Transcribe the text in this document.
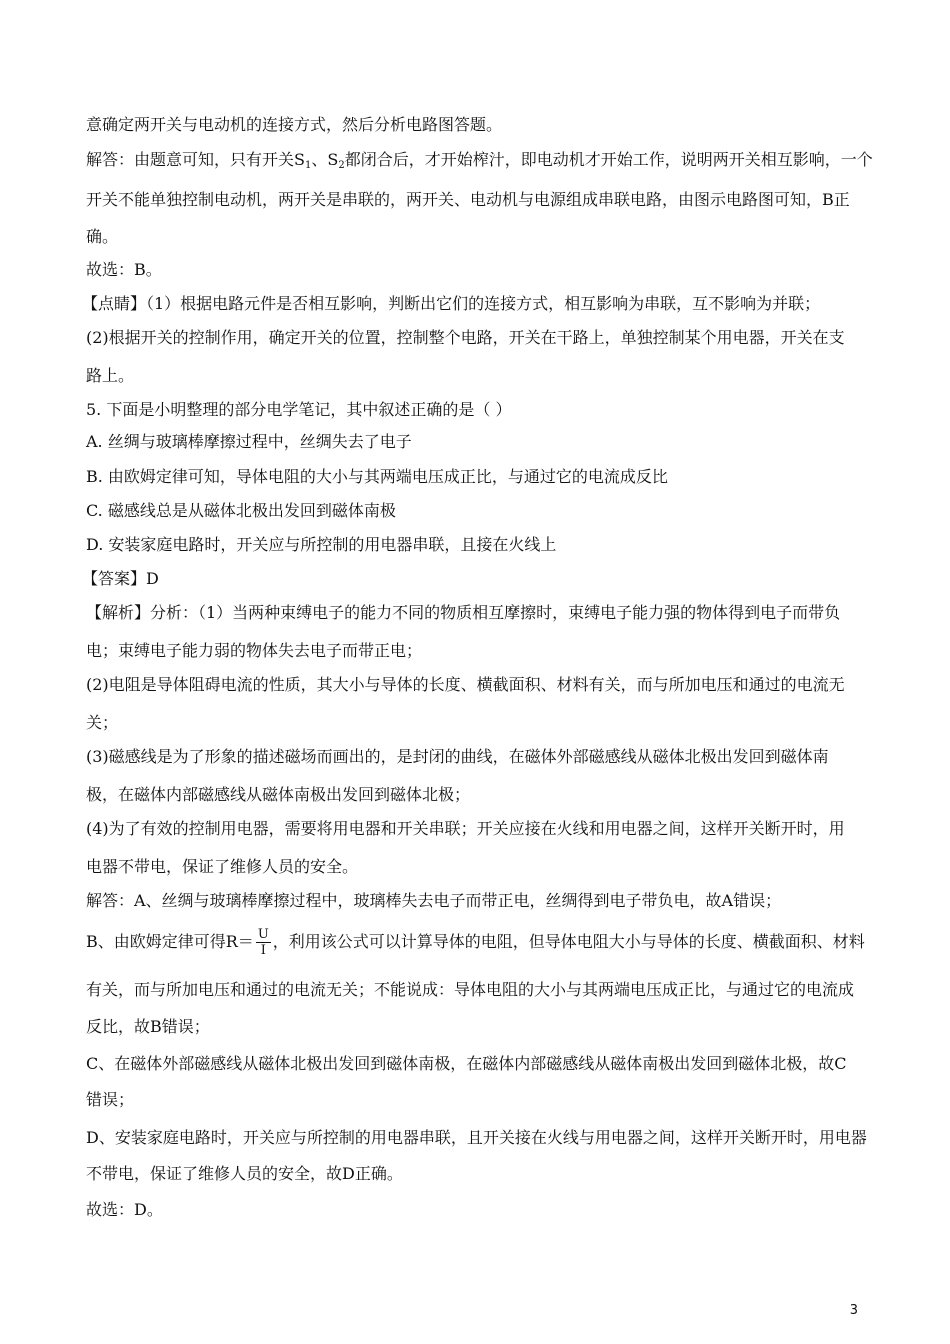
意确定两开关与电动机的连接方式，然后分析电路图答题。
解答：由题意可知，只有开关$S_1$、$S_2$都闭合后，才开始榨汁，即电动机才开始工作，说明两开关相互影响，一个
开关不能单独控制电动机，两开关是串联的，两开关、电动机与电源组成串联电路，由图示电路图可知，B正
确。
故选：B。
【点睛】（1）根据电路元件是否相互影响，判断出它们的连接方式，相互影响为串联，互不影响为并联；
(2)根据开关的控制作用，确定开关的位置，控制整个电路，开关在干路上，单独控制某个用电器，开关在支
路上。
5. 下面是小明整理的部分电学笔记，其中叙述正确的是（ ）
A. 丝绸与玻璃棒摩擦过程中，丝绸失去了电子
B. 由欧姆定律可知，导体电阻的大小与其两端电压成正比，与通过它的电流成反比
C. 磁感线总是从磁体北极出发回到磁体南极
D. 安装家庭电路时，开关应与所控制的用电器串联，且接在火线上
【答案】D
【解析】分析：（1）当两种束缚电子的能力不同的物质相互摩擦时，束缚电子能力强的物体得到电子而带负
电；束缚电子能力弱的物体失去电子而带正电；
(2)电阻是导体阻碍电流的性质，其大小与导体的长度、横截面积、材料有关，而与所加电压和通过的电流无
关；
(3)磁感线是为了形象的描述磁场而画出的，是封闭的曲线，在磁体外部磁感线从磁体北极出发回到磁体南
极，在磁体内部磁感线从磁体南极出发回到磁体北极；
(4)为了有效的控制用电器，需要将用电器和开关串联；开关应接在火线和用电器之间，这样开关断开时，用
电器不带电，保证了维修人员的安全。
解答：A、丝绸与玻璃棒摩擦过程中，玻璃棒失去电子而带正电，丝绸得到电子带负电，故A错误；
B、由欧姆定律可得$R= \frac{U}{I}$ ，利用该公式可以计算导体的电阻，但导体电阻大小与导体的长度、横截面积、材料
有关，而与所加电压和通过的电流无关；不能说成：导体电阻的大小与其两端电压成正比，与通过它的电流成
反比，故B错误；
C、在磁体外部磁感线从磁体北极出发回到磁体南极，在磁体内部磁感线从磁体南极出发回到磁体北极，故C
错误；
D、安装家庭电路时，开关应与所控制的用电器串联，且开关接在火线与用电器之间，这样开关断开时，用电器
不带电，保证了维修人员的安全，故D正确。
故选：D。
3
